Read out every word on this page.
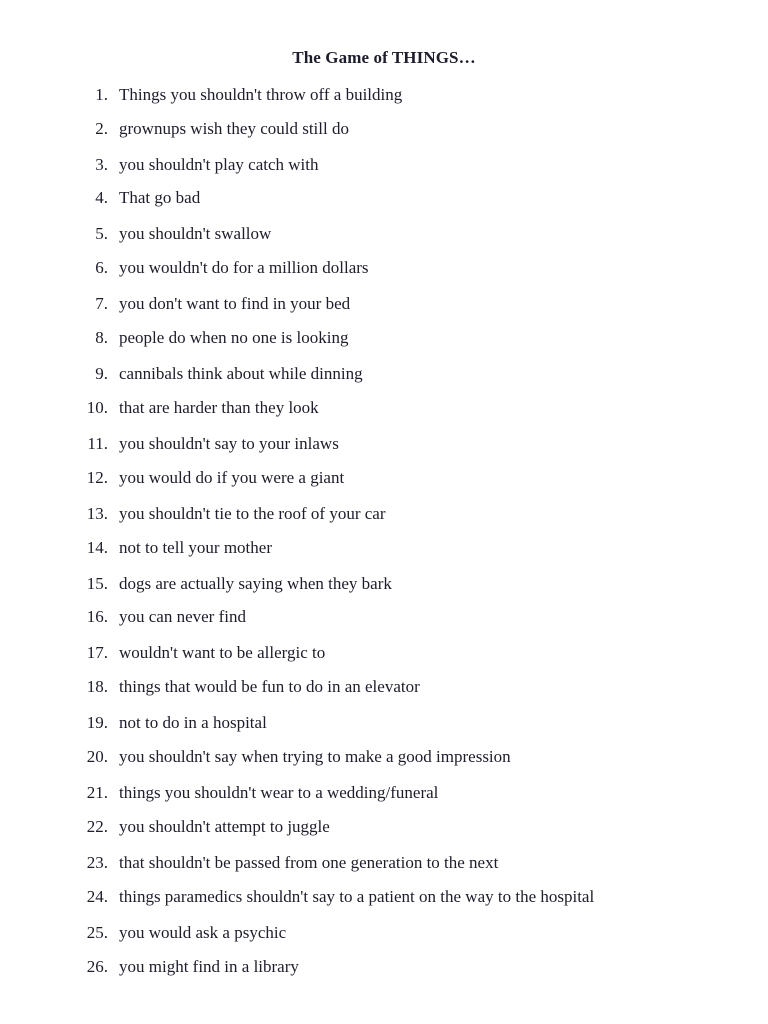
The Game of THINGS…
1. Things you shouldn't throw off a building
2. grownups wish they could still do
3. you shouldn't play catch with
4. That go bad
5. you shouldn't swallow
6. you wouldn't do for a million dollars
7. you don't want to find in your bed
8. people do when no one is looking
9. cannibals think about while dinning
10. that are harder than they look
11. you shouldn't say to your inlaws
12. you would do if you were a giant
13. you shouldn't tie to the roof of your car
14. not to tell your mother
15. dogs are actually saying when they bark
16. you can never find
17. wouldn't want to be allergic to
18. things that would be fun to do in an elevator
19. not to do in a hospital
20. you shouldn't say when trying to make a good impression
21. things you shouldn't wear to a wedding/funeral
22. you shouldn't attempt to juggle
23. that shouldn't be passed from one generation to the next
24. things paramedics shouldn't say to a patient on the way to the hospital
25. you would ask a psychic
26. you might find in a library
